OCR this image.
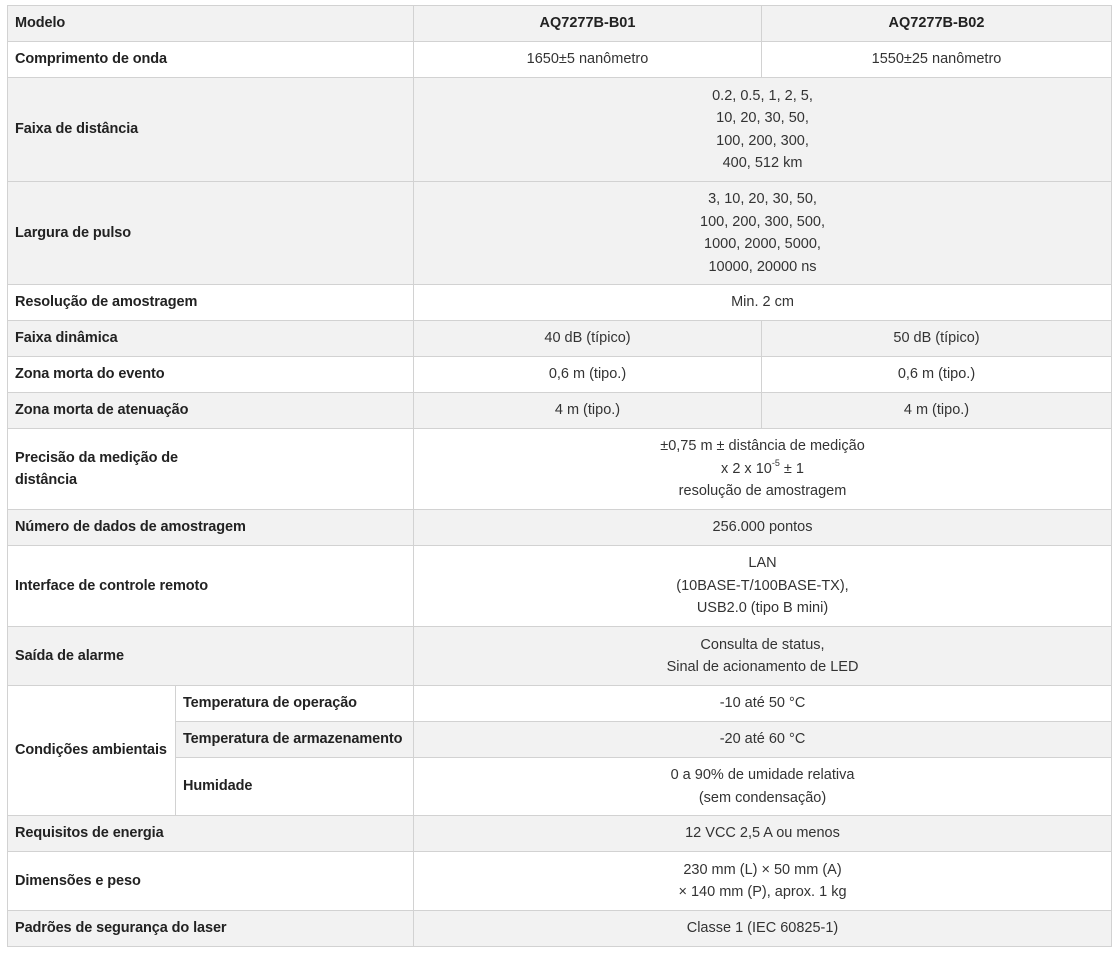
Modelo		AQ7277B-B01	AQ7277B-B02
Comprimento de onda		1650±5 nanômetro	1550±25 nanômetro
Faixa de distância		0.2, 0.5, 1, 2, 5,
10, 20, 30, 50,
100, 200, 300,
400, 512 km	

Largura de pulso		3, 10, 20, 30, 50,
100, 200, 300, 500,
1000, 2000, 5000,
10000, 20000 ns	

Resolução de amostragem		Min. 2 cm	
Faixa dinâmica		40 dB (típico)	50 dB (típico)
Zona morta do evento		0,6 m (tipo.)	0,6 m (tipo.)
Zona morta de atenuação		4 m (tipo.)	4 m (tipo.)

Precisão da medição de
distância		±0,75 m ± distância de medição
x 2 x $10^{-5} \pm 1$
resolução de amostragem	

Número de dados de amostragem		256.000 pontos	
Interface de controle remoto		LAN
(10BASE-T/100BASE-TX),
USB2.0 (tipo B mini)	

Saída de alarme		Consulta de status,
Sinal de acionamento de LED	

Condições ambientais	Temperatura de operação	-10 até 50 °C	
	Temperatura de armazenamento	-20 até 60 °C	
	Humidade	0 a 90% de umidade relativa
(sem condensação)	

Requisitos de energia		12 VCC 2,5 A ou menos	
Dimensões e peso		230 mm (L) × 50 mm (A)
× 140 mm (P), aprox. 1 kg	

Padrões de segurança do laser		Classe 1 (IEC 60825-1)	
